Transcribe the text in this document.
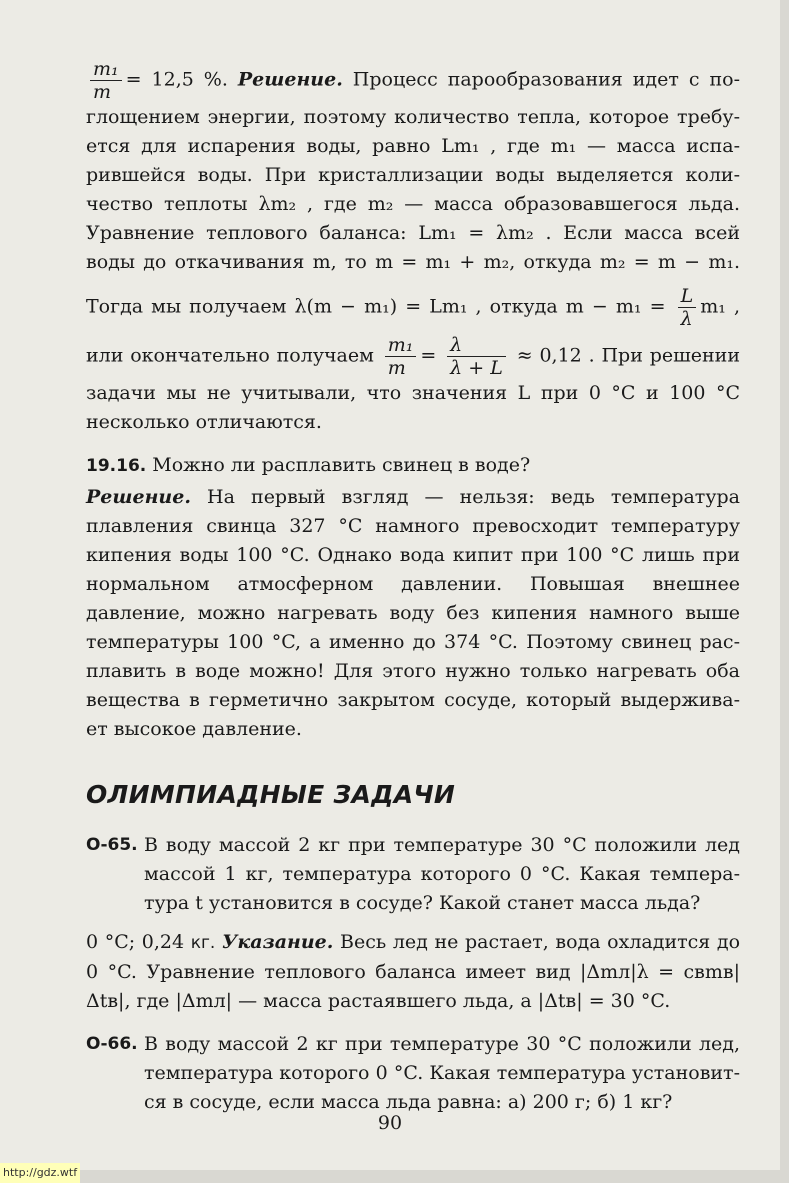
$\frac{\text{m₁}}{m} = 12,5$ %. Решение. Процесс парообразования идет с по-

глощением энергии, поэтому количество тепла, которое требу-

ется для испарения воды, равно Lm₁ , где m₁ — масса испа-

рившейся воды. При кристаллизации воды выделяется коли-

чество теплоты λm₂ , где m₂ — масса образовавшегося льда.

Уравнение теплового баланса: Lm₁ = λm₂ . Если масса всей

воды до откачивания m, то m = m₁ + m₂, откуда m₂ = m − m₁.

Тогда мы получаем λ(m − m₁) = Lm₁ , откуда $m - m_1 = \frac{L}{\lambda} m_1$ ,

или окончательно получаем $\frac{\text{m₁}}{m} = \frac{\lambda}{\lambda + L} \approx 0,12$ . При решении

задачи мы не учитывали, что значения L при 0 °C и 100 °C

несколько отличаются.

19.16. Можно ли расплавить свинец в воде?

Решение. На первый взгляд — нельзя: ведь температура плавления свинца 327 °C намного превосходит температуру кипения воды 100 °C. Однако вода кипит при 100 °C лишь при нормальном атмосферном давлении. Повышая внешнее давление, можно нагревать воду без кипения намного выше температуры 100 °C, а именно до 374 °C. Поэтому свинец рас-плавить в воде можно! Для этого нужно только нагревать оба вещества в герметично закрытом сосуде, который выдержива-ет высокое давление.

ОЛИМПИАДНЫЕ ЗАДАЧИ
О-65. В воду массой 2 кг при температуре 30 °C положили лед массой 1 кг, температура которого 0 °C. Какая темпера-тура t установится в сосуде? Какой станет масса льда?

0 °C; 0,24 кг. Указание. Весь лед не растает, вода охладится до 0 °C. Уравнение теплового баланса имеет вид |Δmл|λ = cвmв|Δtв|, где |Δmл| — масса растаявшего льда, а |Δtв| = 30 °C.

О-66. В воду массой 2 кг при температуре 30 °C положили лед, температура которого 0 °C. Какая температура установит-ся в сосуде, если масса льда равна: а) 200 г; б) 1 кг?
90
http://gdz.wtf
